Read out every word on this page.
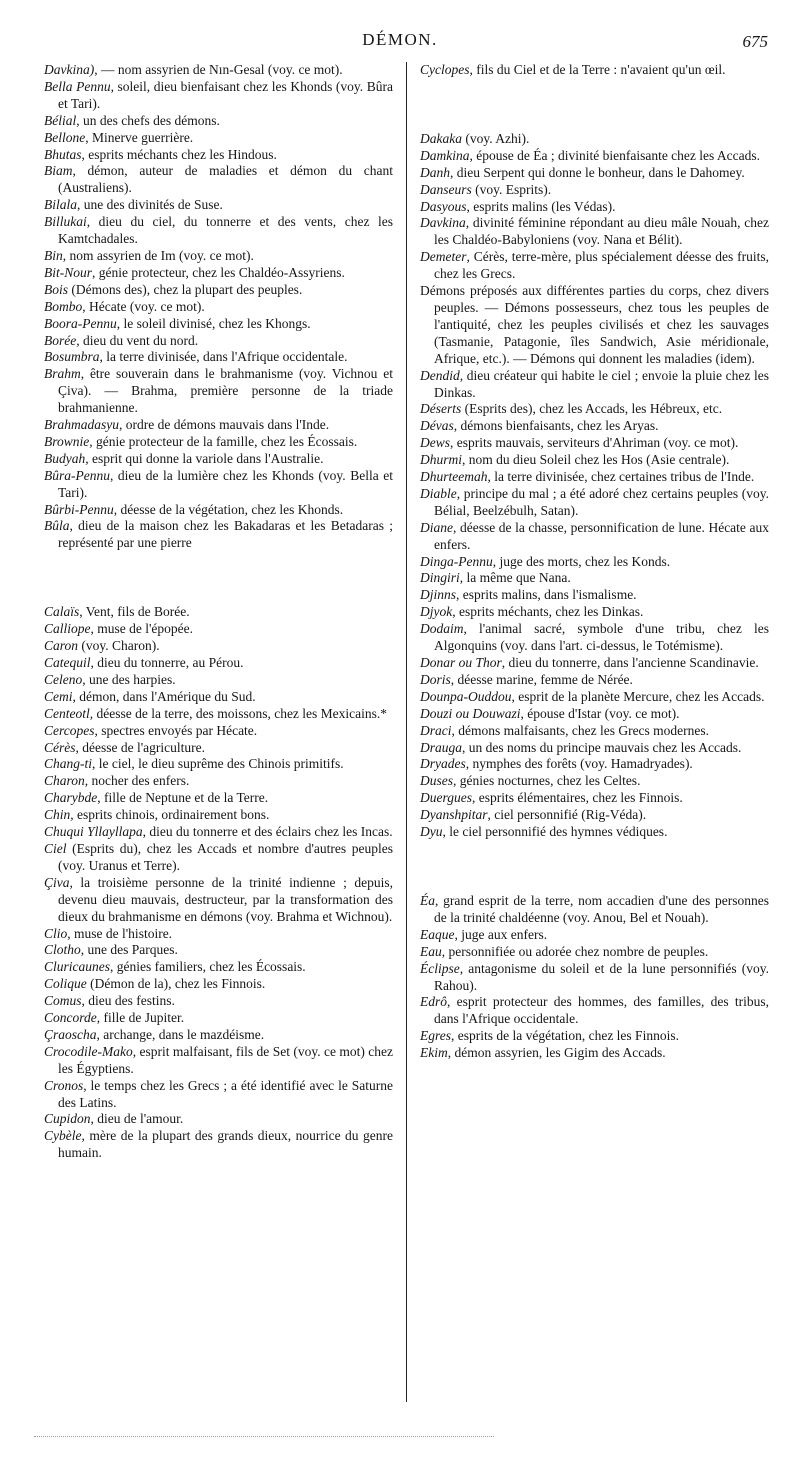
DÉMON.	675

Davkina), — nom assyrien de Nın-Gesal (voy. ce mot).

Bella Pennu, soleil, dieu bienfaisant chez les Khonds (voy. Bûra et Tari).

Bélial, un des chefs des démons.

Bellone, Minerve guerrière.

Bhutas, esprits méchants chez les Hindous.

Biam, démon, auteur de maladies et démon du chant (Australiens).

Bilala, une des divinités de Suse.

Billukai, dieu du ciel, du tonnerre et des vents, chez les Kamtchadales.

Bin, nom assyrien de Im (voy. ce mot).

Bit-Nour, génie protecteur, chez les Chaldéo-Assyriens.

Bois (Démons des), chez la plupart des peuples.

Bombo, Hécate (voy. ce mot).

Boora-Pennu, le soleil divinisé, chez les Khongs.

Borée, dieu du vent du nord.

Bosumbra, la terre divinisée, dans l'Afrique occidentale.

Brahm, être souverain dans le brahmanisme (voy. Vichnou et Çiva). — Brahma, première personne de la triade brahmanienne.

Brahmadasyu, ordre de démons mauvais dans l'Inde.

Brownie, génie protecteur de la famille, chez les Écossais.

Budyah, esprit qui donne la variole dans l'Australie.

Bûra-Pennu, dieu de la lumière chez les Khonds (voy. Bella et Tari).

Bûrbi-Pennu, déesse de la végétation, chez les Khonds.

Bûla, dieu de la maison chez les Bakadaras et les Betadaras ; représenté par une pierre

Calaïs, Vent, fils de Borée.

Calliope, muse de l'épopée.

Caron (voy. Charon).

Catequil, dieu du tonnerre, au Pérou.

Celeno, une des harpies.

Cemi, démon, dans l'Amérique du Sud.

Centeotl, déesse de la terre, des moissons, chez les Mexicains.*

Cercopes, spectres envoyés par Hécate.

Cérès, déesse de l'agriculture.

Chang-ti, le ciel, le dieu suprême des Chinois primitifs.

Charon, nocher des enfers.

Charybde, fille de Neptune et de la Terre.

Chin, esprits chinois, ordinairement bons.

Chuqui Yllayllapa, dieu du tonnerre et des éclairs chez les Incas.

Ciel (Esprits du), chez les Accads et nombre d'autres peuples (voy. Uranus et Terre).

Çiva, la troisième personne de la trinité indienne ; depuis, devenu dieu mauvais, destructeur, par la transformation des dieux du brahmanisme en démons (voy. Brahma et Wichnou).

Clio, muse de l'histoire.

Clotho, une des Parques.

Cluricaunes, génies familiers, chez les Écossais.

Colique (Démon de la), chez les Finnois.

Comus, dieu des festins.

Concorde, fille de Jupiter.

Çraoscha, archange, dans le mazdéisme.

Crocodile-Mako, esprit malfaisant, fils de Set (voy. ce mot) chez les Égyptiens.

Cronos, le temps chez les Grecs ; a été identifié avec le Saturne des Latins.

Cupidon, dieu de l'amour.

Cybèle, mère de la plupart des grands dieux, nourrice du genre humain.

Cyclopes, fils du Ciel et de la Terre : n'avaient qu'un œil.

Dakaka (voy. Azhi).

Damkina, épouse de Éa ; divinité bienfaisante chez les Accads.

Danh, dieu Serpent qui donne le bonheur, dans le Dahomey.

Danseurs (voy. Esprits).

Dasyous, esprits malins (les Védas).

Davkina, divinité féminine répondant au dieu mâle Nouah, chez les Chaldéo-Babyloniens (voy. Nana et Bélit).

Demeter, Cérès, terre-mère, plus spécialement déesse des fruits, chez les Grecs.

Démons préposés aux différentes parties du corps, chez divers peuples. — Démons possesseurs, chez tous les peuples de l'antiquité, chez les peuples civilisés et chez les sauvages (Tasmanie, Patagonie, îles Sandwich, Asie méridionale, Afrique, etc.). — Démons qui donnent les maladies (idem).

Dendid, dieu créateur qui habite le ciel ; envoie la pluie chez les Dinkas.

Déserts (Esprits des), chez les Accads, les Hébreux, etc.

Dévas, démons bienfaisants, chez les Aryas.

Dews, esprits mauvais, serviteurs d'Ahriman (voy. ce mot).

Dhurmi, nom du dieu Soleil chez les Hos (Asie centrale).

Dhurteemah, la terre divinisée, chez certaines tribus de l'Inde.

Diable, principe du mal ; a été adoré chez certains peuples (voy. Bélial, Beelzébulh, Satan).

Diane, déesse de la chasse, personnification de lune. Hécate aux enfers.

Dinga-Pennu, juge des morts, chez les Konds.

Dingiri, la même que Nana.

Djinns, esprits malins, dans l'ismalisme.

Djyok, esprits méchants, chez les Dinkas.

Dodaim, l'animal sacré, symbole d'une tribu, chez les Algonquins (voy. dans l'art. ci-dessus, le Totémisme).

Donar ou Thor, dieu du tonnerre, dans l'ancienne Scandinavie.

Doris, déesse marine, femme de Nérée.

Dounpa-Ouddou, esprit de la planète Mercure, chez les Accads.

Douzi ou Douwazi, épouse d'Istar (voy. ce mot).

Draci, démons malfaisants, chez les Grecs modernes.

Drauga, un des noms du principe mauvais chez les Accads.

Dryades, nymphes des forêts (voy. Hamadryades).

Duses, génies nocturnes, chez les Celtes.

Duergues, esprits élémentaires, chez les Finnois.

Dyanshpitar, ciel personnifié (Rig-Véda).

Dyu, le ciel personnifié des hymnes védiques.

Éa, grand esprit de la terre, nom accadien d'une des personnes de la trinité chaldéenne (voy. Anou, Bel et Nouah).

Eaque, juge aux enfers.

Eau, personnifiée ou adorée chez nombre de peuples.

Éclipse, antagonisme du soleil et de la lune personnifiés (voy. Rahou).

Edrô, esprit protecteur des hommes, des familles, des tribus, dans l'Afrique occidentale.

Egres, esprits de la végétation, chez les Finnois.

Ekim, démon assyrien, les Gigim des Accads.
